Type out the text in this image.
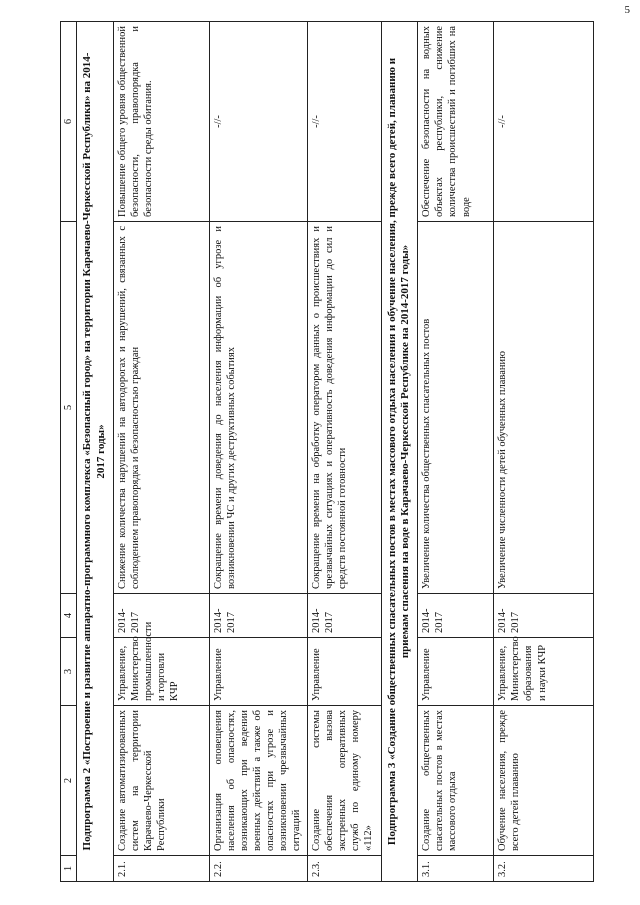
5
1	2	3	4	5	6
Подпрограмма 2 «Построение и развитие аппаратно-программного комплекса «Безопасный город» на территории Карачаево-Черкесской Республики» на 2014-2017 годы»					
2.1.	Создание автоматизированных систем на территории Карачаево-Черкесской Республики	Управление, Министерство промышленности и торговли КЧР	2014-2017	Снижение количества нарушений на автодорогах и нарушений, связанных с соблюдением правопорядка и безопасностью граждан	Повышение общего уровня общественной безопасности, правопорядка и безопасности среды обитания.
2.2.	Организация оповещения населения об опасностях, возникающих при ведении военных действий а также об опасностях при угрозе и возникновении чрезвычайных ситуаций	Управление	2014-2017	Сокращение времени доведения до населения информации об угрозе и возникновении ЧС и других деструктивных событиях	-//-
2.3.	Создание системы обеспечения вызова экстренных оперативных служб по единому номеру «112»	Управление	2014-2017	Сокращение времени на обработку оператором данных о происшествиях и чрезвычайных ситуациях и оперативность доведения информации до сил и средств постоянной готовности	-//-
Подпрограмма 3 «Создание общественных спасательных постов в местах массового отдыха населения и обучение населения, прежде всего детей, плаванию и приемам спасения на воде в Карачаево-Черкесской Республике на 2014-2017 годы»					
3.1.	Создание общественных спасательных постов в местах массового отдыха	Управление	2014-2017	Увеличение количества общественных спасательных постов	Обеспечение безопасности на водных объектах республики, снижение количества происшествий и погибших на воде
3.2.	Обучение населения, прежде всего детей плаванию	Управление, Министерство образования и науки КЧР	2014-2017	Увеличение численности детей обученных плаванию	-//-
